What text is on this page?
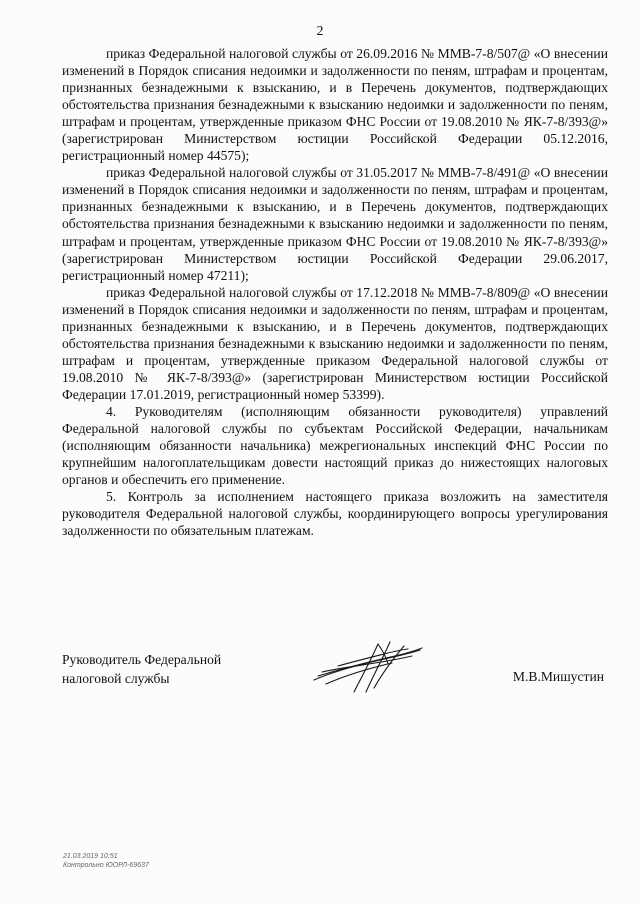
2

приказ Федеральной налоговой службы от 26.09.2016 № ММВ-7-8/507@ «О внесении изменений в Порядок списания недоимки и задолженности по пеням, штрафам и процентам, признанных безнадежными к взысканию, и в Перечень документов, подтверждающих обстоятельства признания безнадежными к взысканию недоимки и задолженности по пеням, штрафам и процентам, утвержденные приказом ФНС России от 19.08.2010 № ЯК-7-8/393@» (зарегистрирован Министерством юстиции Российской Федерации 05.12.2016, регистрационный номер 44575);

приказ Федеральной налоговой службы от 31.05.2017 № ММВ-7-8/491@ «О внесении изменений в Порядок списания недоимки и задолженности по пеням, штрафам и процентам, признанных безнадежными к взысканию, и в Перечень документов, подтверждающих обстоятельства признания безнадежными к взысканию недоимки и задолженности по пеням, штрафам и процентам, утвержденные приказом ФНС России от 19.08.2010 № ЯК-7-8/393@» (зарегистрирован Министерством юстиции Российской Федерации 29.06.2017, регистрационный номер 47211);

приказ Федеральной налоговой службы от 17.12.2018 № ММВ-7-8/809@ «О внесении изменений в Порядок списания недоимки и задолженности по пеням, штрафам и процентам, признанных безнадежными к взысканию, и в Перечень документов, подтверждающих обстоятельства признания безнадежными к взысканию недоимки и задолженности по пеням, штрафам и процентам, утвержденные приказом Федеральной налоговой службы от 19.08.2010 № ЯК-7-8/393@» (зарегистрирован Министерством юстиции Российской Федерации 17.01.2019, регистрационный номер 53399).

4. Руководителям (исполняющим обязанности руководителя) управлений Федеральной налоговой службы по субъектам Российской Федерации, начальникам (исполняющим обязанности начальника) межрегиональных инспекций ФНС России по крупнейшим налогоплательщикам довести настоящий приказ до нижестоящих налоговых органов и обеспечить его применение.

5. Контроль за исполнением настоящего приказа возложить на заместителя руководителя Федеральной налоговой службы, координирующего вопросы урегулирования задолженности по обязательным платежам.

Руководитель Федеральной
налоговой службы	М.В.Мишустин
21.03.2019 10:51
Контрольно ЮОРЛ-69637
